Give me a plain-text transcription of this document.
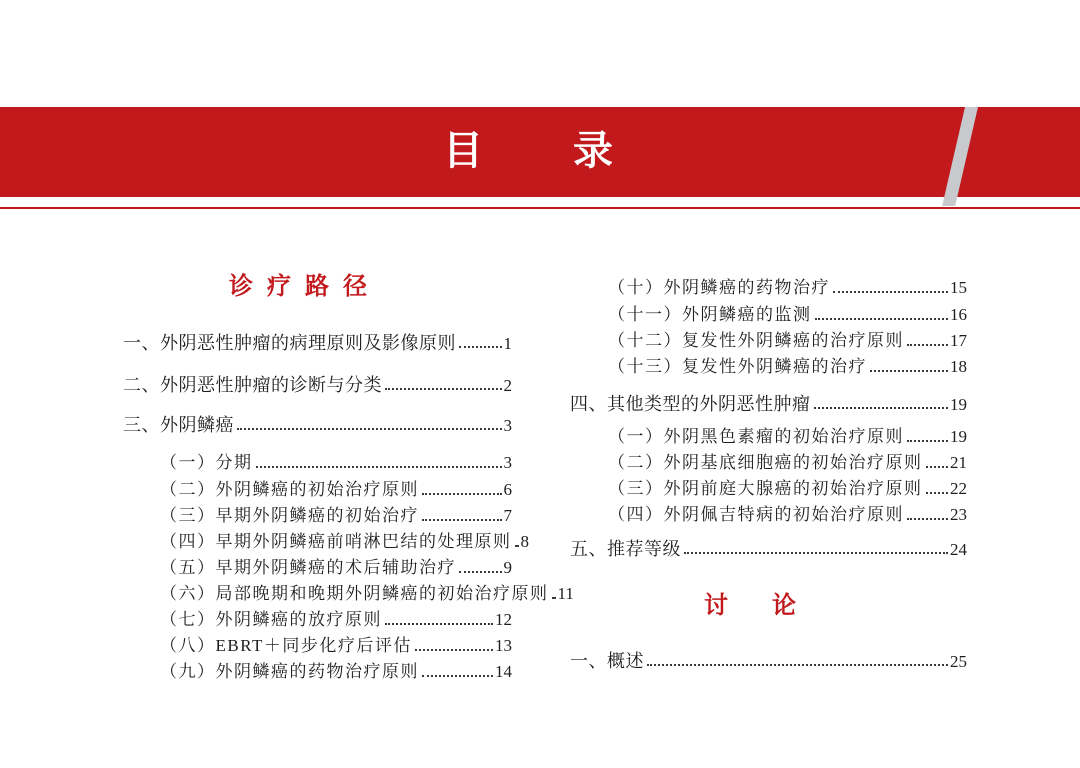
目 录
诊 疗 路 径
一、外阴恶性肿瘤的病理原则及影像原则	1
二、外阴恶性肿瘤的诊断与分类	2
三、外阴鳞癌	3
（一）分期	3
（二）外阴鳞癌的初始治疗原则	6
（三）早期外阴鳞癌的初始治疗	7
（四）早期外阴鳞癌前哨淋巴结的处理原则 8
（五）早期外阴鳞癌的术后辅助治疗	9
（六）局部晚期和晚期外阴鳞癌的初始治疗原则 11
（七）外阴鳞癌的放疗原则	12
（八）EBRT＋同步化疗后评估	13
（九）外阴鳞癌的药物治疗原则	14
（十）外阴鳞癌的药物治疗	15
（十一）外阴鳞癌的监测	16
（十二）复发性外阴鳞癌的治疗原则	17
（十三）复发性外阴鳞癌的治疗	18
四、其他类型的外阴恶性肿瘤	19
（一）外阴黑色素瘤的初始治疗原则	19
（二）外阴基底细胞癌的初始治疗原则 21
（三）外阴前庭大腺癌的初始治疗原则 22
（四）外阴佩吉特病的初始治疗原则	23
五、推荐等级	24
讨    论
一、概述	25
